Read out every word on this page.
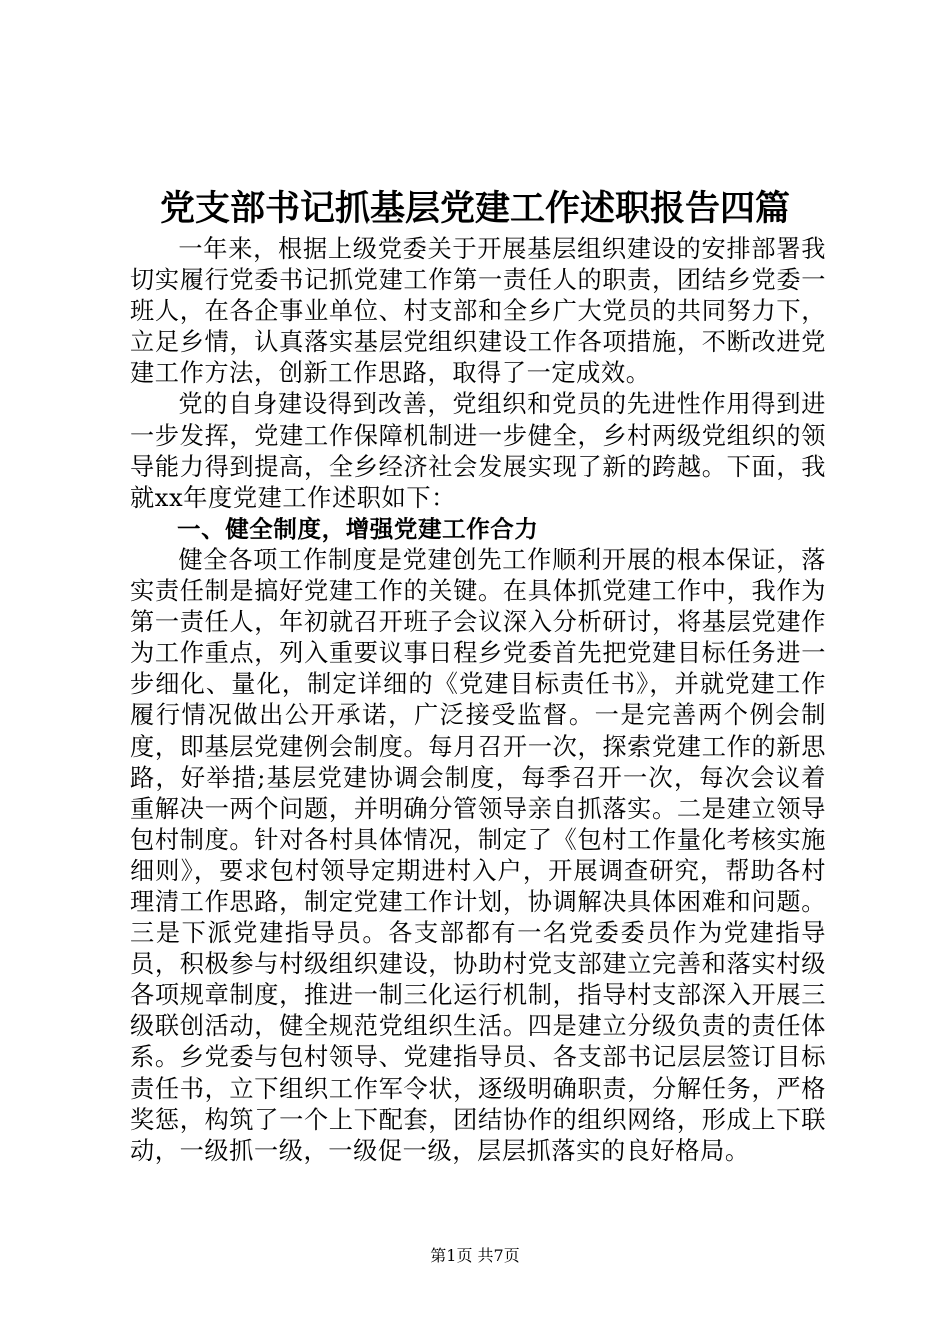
党支部书记抓基层党建工作述职报告四篇

一年来，根据上级党委关于开展基层组织建设的安排部署我切实履行党委书记抓党建工作第一责任人的职责，团结乡党委一班人，在各企事业单位、村支部和全乡广大党员的共同努力下，立足乡情，认真落实基层党组织建设工作各项措施，不断改进党建工作方法，创新工作思路，取得了一定成效。

党的自身建设得到改善，党组织和党员的先进性作用得到进一步发挥，党建工作保障机制进一步健全，乡村两级党组织的领导能力得到提高，全乡经济社会发展实现了新的跨越。下面，我就xx年度党建工作述职如下：

一、健全制度，增强党建工作合力

健全各项工作制度是党建创先工作顺利开展的根本保证，落实责任制是搞好党建工作的关键。在具体抓党建工作中，我作为第一责任人，年初就召开班子会议深入分析研讨，将基层党建作为工作重点，列入重要议事日程乡党委首先把党建目标任务进一步细化、量化，制定详细的《党建目标责任书》，并就党建工作履行情况做出公开承诺，广泛接受监督。一是完善两个例会制度，即基层党建例会制度。每月召开一次，探索党建工作的新思路，好举措;基层党建协调会制度，每季召开一次，每次会议着重解决一两个问题，并明确分管领导亲自抓落实。二是建立领导包村制度。针对各村具体情况，制定了《包村工作量化考核实施细则》，要求包村领导定期进村入户，开展调查研究，帮助各村理清工作思路，制定党建工作计划，协调解决具体困难和问题。三是下派党建指导员。各支部都有一名党委委员作为党建指导员，积极参与村级组织建设，协助村党支部建立完善和落实村级各项规章制度，推进一制三化运行机制，指导村支部深入开展三级联创活动，健全规范党组织生活。四是建立分级负责的责任体系。乡党委与包村领导、党建指导员、各支部书记层层签订目标责任书，立下组织工作军令状，逐级明确职责，分解任务，严格奖惩，构筑了一个上下配套，团结协作的组织网络，形成上下联动，一级抓一级，一级促一级，层层抓落实的良好格局。

第1页 共7页
